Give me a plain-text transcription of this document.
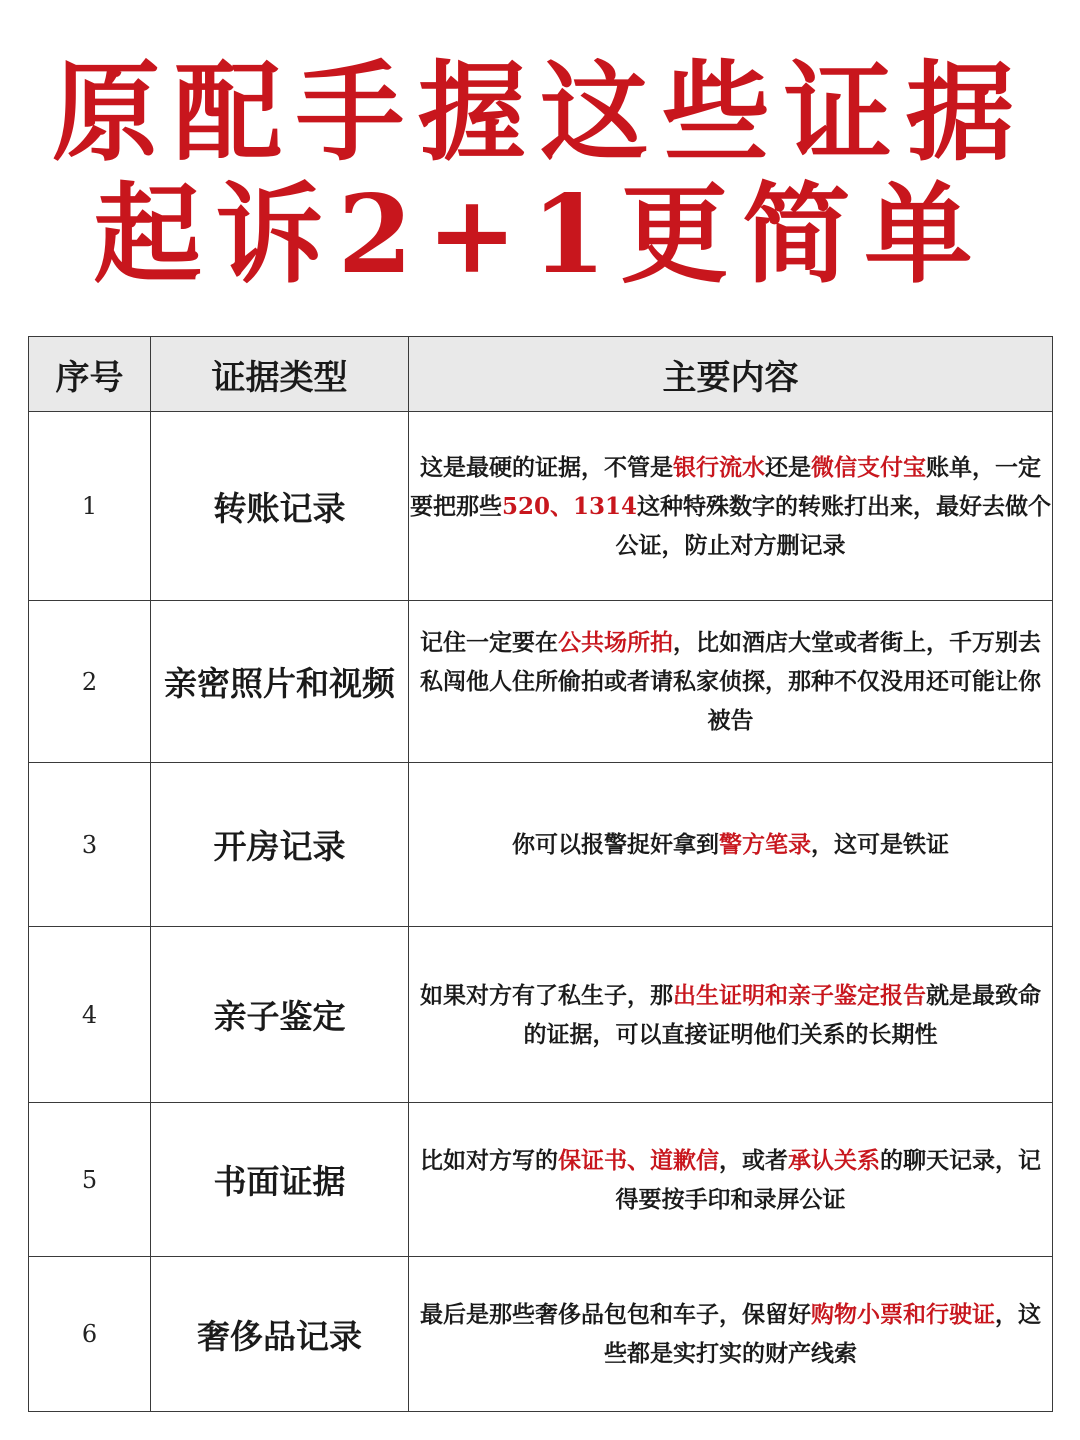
原配手握这些证据
起诉2+1更简单
序号	证据类型	主要内容
1	转账记录	这是最硬的证据，不管是银行流水还是微信支付宝账单，一定要把那些520、1314这种特殊数字的转账打出来，最好去做个公证，防止对方删记录
2	亲密照片和视频	记住一定要在公共场所拍，比如酒店大堂或者街上，千万别去私闯他人住所偷拍或者请私家侦探，那种不仅没用还可能让你被告
3	开房记录	你可以报警捉奸拿到警方笔录，这可是铁证
4	亲子鉴定	如果对方有了私生子，那出生证明和亲子鉴定报告就是最致命的证据，可以直接证明他们关系的长期性
5	书面证据	比如对方写的保证书、道歉信，或者承认关系的聊天记录，记得要按手印和录屏公证
6	奢侈品记录	最后是那些奢侈品包包和车子，保留好购物小票和行驶证，这些都是实打实的财产线索
